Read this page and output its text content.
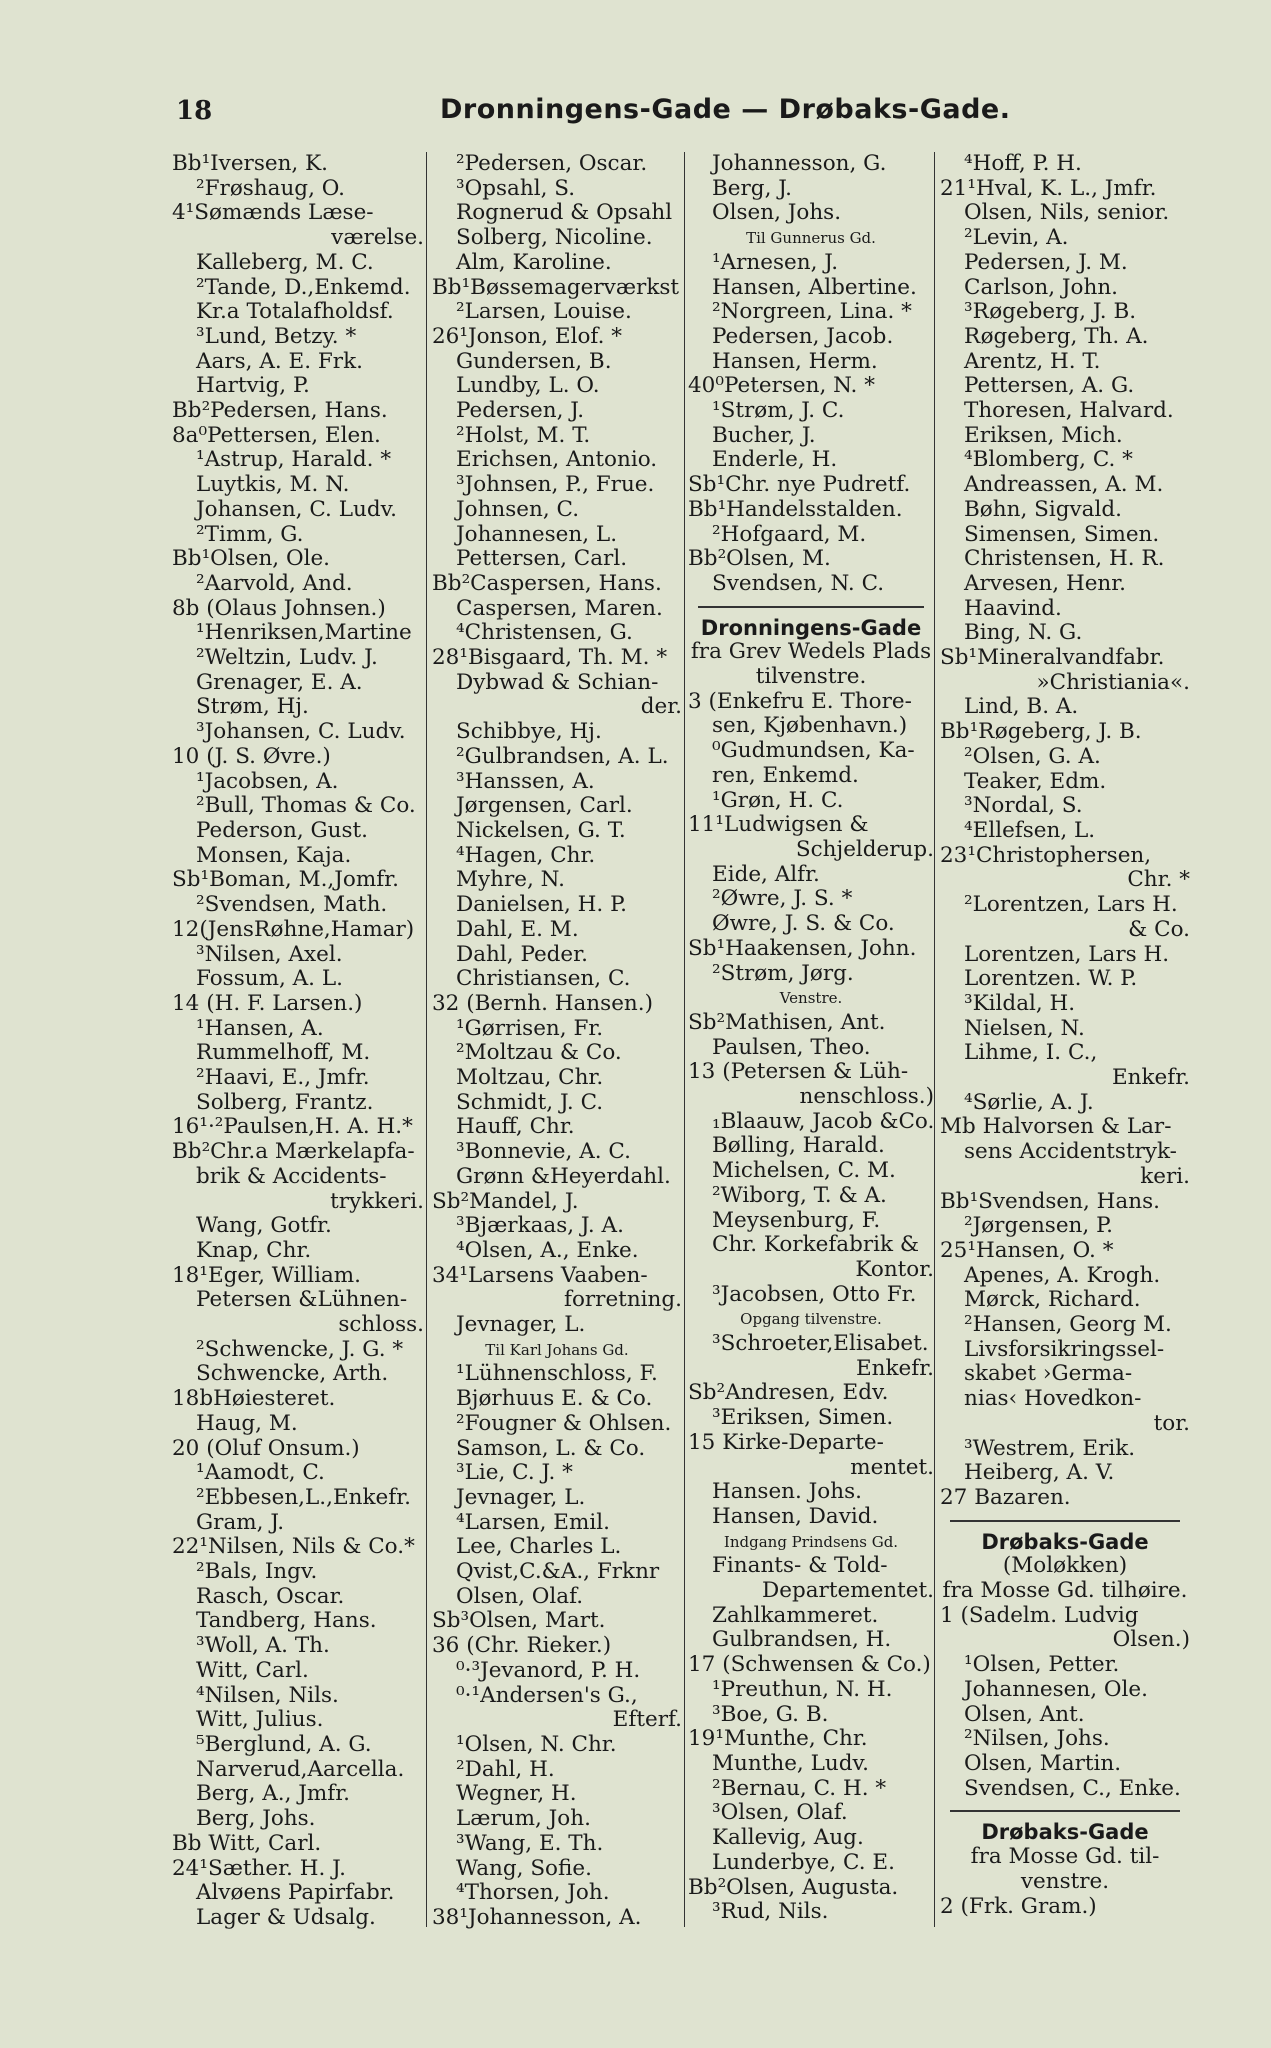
18	Dronningens-Gade — Drøbaks-Gade.
Bb¹Iversen, K.
²Frøshaug, O.
4¹Sømænds Læse-
værelse.
Kalleberg, M. C.
²Tande, D.,Enkemd.
Kr.a Totalafholdsf.
³Lund, Betzy. *
Aars, A. E. Frk.
Hartvig, P.
Bb²Pedersen, Hans.
8a⁰Pettersen, Elen.
¹Astrup, Harald. *
Luytkis, M. N.
Johansen, C. Ludv.
²Timm, G.
Bb¹Olsen, Ole.
²Aarvold, And.
8b (Olaus Johnsen.)
¹Henriksen,Martine
²Weltzin, Ludv. J.
Grenager, E. A.
Strøm, Hj.
³Johansen, C. Ludv.
10 (J. S. Øvre.)
¹Jacobsen, A.
²Bull, Thomas & Co.
Pederson, Gust.
Monsen, Kaja.
Sb¹Boman, M.,Jomfr.
²Svendsen, Math.
12(JensRøhne,Hamar)
³Nilsen, Axel.
Fossum, A. L.
14 (H. F. Larsen.)
¹Hansen, A.
Rummelhoff, M.
²Haavi, E., Jmfr.
Solberg, Frantz.
16¹·²Paulsen,H. A. H.*
Bb²Chr.a Mærkelapfa-
brik & Accidents-
trykkeri.
Wang, Gotfr.
Knap, Chr.
18¹Eger, William.
Petersen &Lühnen-
schloss.
²Schwencke, J. G. *
Schwencke, Arth.
18bHøiesteret.
Haug, M.
20 (Oluf Onsum.)
¹Aamodt, C.
²Ebbesen,L.,Enkefr.
Gram, J.
22¹Nilsen, Nils & Co.*
²Bals, Ingv.
Rasch, Oscar.
Tandberg, Hans.
³Woll, A. Th.
Witt, Carl.
⁴Nilsen, Nils.
Witt, Julius.
⁵Berglund, A. G.
Narverud,Aarcella.
Berg, A., Jmfr.
Berg, Johs.
Bb Witt, Carl.
24¹Sæther. H. J.
Alvøens Papirfabr.
Lager & Udsalg.
²Pedersen, Oscar.
³Opsahl, S.
Rognerud & Opsahl
Solberg, Nicoline.
Alm, Karoline.
Bb¹Bøssemagerværkst
²Larsen, Louise.
26¹Jonson, Elof. *
Gundersen, B.
Lundby, L. O.
Pedersen, J.
²Holst, M. T.
Erichsen, Antonio.
³Johnsen, P., Frue.
Johnsen, C.
Johannesen, L.
Pettersen, Carl.
Bb²Caspersen, Hans.
Caspersen, Maren.
⁴Christensen, G.
28¹Bisgaard, Th. M. *
Dybwad & Schian-
der.
Schibbye, Hj.
²Gulbrandsen, A. L.
³Hanssen, A.
Jørgensen, Carl.
Nickelsen, G. T.
⁴Hagen, Chr.
Myhre, N.
Danielsen, H. P.
Dahl, E. M.
Dahl, Peder.
Christiansen, C.
32 (Bernh. Hansen.)
¹Gørrisen, Fr.
²Moltzau & Co.
Moltzau, Chr.
Schmidt, J. C.
Hauff, Chr.
³Bonnevie, A. C.
Grønn &Heyerdahl.
Sb²Mandel, J.
³Bjærkaas, J. A.
⁴Olsen, A., Enke.
34¹Larsens Vaaben-
forretning.
Jevnager, L.
Til Karl Johans Gd.
¹Lühnenschloss, F.
Bjørhuus E. & Co.
²Fougner & Ohlsen.
Samson, L. & Co.
³Lie, C. J. *
Jevnager, L.
⁴Larsen, Emil.
Lee, Charles L.
Qvist,C.&A., Frknr
Olsen, Olaf.
Sb³Olsen, Mart.
36 (Chr. Rieker.)
⁰·³Jevanord, P. H.
⁰·¹Andersen's G.,
Efterf.
¹Olsen, N. Chr.
²Dahl, H.
Wegner, H.
Lærum, Joh.
³Wang, E. Th.
Wang, Sofie.
⁴Thorsen, Joh.
38¹Johannesson, A.
Johannesson, G.
Berg, J.
Olsen, Johs.
Til Gunnerus Gd.
¹Arnesen, J.
Hansen, Albertine.
²Norgreen, Lina. *
Pedersen, Jacob.
Hansen, Herm.
40⁰Petersen, N. *
¹Strøm, J. C.
Bucher, J.
Enderle, H.
Sb¹Chr. nye Pudretf.
Bb¹Handelsstalden.
²Hofgaard, M.
Bb²Olsen, M.
Svendsen, N. C.
Dronningens-Gade
fra Grev Wedels Plads
tilvenstre.
3 (Enkefru E. Thore-
sen, Kjøbenhavn.)
⁰Gudmundsen, Ka-
ren, Enkemd.
¹Grøn, H. C.
11¹Ludwigsen &
Schjelderup.
Eide, Alfr.
²Øwre, J. S. *
Øwre, J. S. & Co.
Sb¹Haakensen, John.
²Strøm, Jørg.
Venstre.
Sb²Mathisen, Ant.
Paulsen, Theo.
13 (Petersen & Lüh-
nenschloss.)
₁Blaauw, Jacob &Co.
Bølling, Harald.
Michelsen, C. M.
²Wiborg, T. & A.
Meysenburg, F.
Chr. Korkefabrik &
Kontor.
³Jacobsen, Otto Fr.
Opgang tilvenstre.
³Schroeter,Elisabet.
Enkefr.
Sb²Andresen, Edv.
³Eriksen, Simen.
15 Kirke-Departe-
mentet.
Hansen. Johs.
Hansen, David.
Indgang Prindsens Gd.
Finants- & Told-
Departementet.
Zahlkammeret.
Gulbrandsen, H.
17 (Schwensen & Co.)
¹Preuthun, N. H.
³Boe, G. B.
19¹Munthe, Chr.
Munthe, Ludv.
²Bernau, C. H. *
³Olsen, Olaf.
Kallevig, Aug.
Lunderbye, C. E.
Bb²Olsen, Augusta.
³Rud, Nils.
⁴Hoff, P. H.
21¹Hval, K. L., Jmfr.
Olsen, Nils, senior.
²Levin, A.
Pedersen, J. M.
Carlson, John.
³Røgeberg, J. B.
Røgeberg, Th. A.
Arentz, H. T.
Pettersen, A. G.
Thoresen, Halvard.
Eriksen, Mich.
⁴Blomberg, C. *
Andreassen, A. M.
Bøhn, Sigvald.
Simensen, Simen.
Christensen, H. R.
Arvesen, Henr.
Haavind.
Bing, N. G.
Sb¹Mineralvandfabr.
»Christiania«.
Lind, B. A.
Bb¹Røgeberg, J. B.
²Olsen, G. A.
Teaker, Edm.
³Nordal, S.
⁴Ellefsen, L.
23¹Christophersen,
Chr. *
²Lorentzen, Lars H.
& Co.
Lorentzen, Lars H.
Lorentzen. W. P.
³Kildal, H.
Nielsen, N.
Lihme, I. C.,
Enkefr.
⁴Sørlie, A. J.
Mb Halvorsen & Lar-
sens Accidentstryk-
keri.
Bb¹Svendsen, Hans.
²Jørgensen, P.
25¹Hansen, O. *
Apenes, A. Krogh.
Mørck, Richard.
²Hansen, Georg M.
Livsforsikringssel-
skabet ›Germa-
nias‹ Hovedkon-
tor.
³Westrem, Erik.
Heiberg, A. V.
27 Bazaren.
Drøbaks-Gade
(Moløkken)
fra Mosse Gd. tilhøire.
1 (Sadelm. Ludvig
Olsen.)
¹Olsen, Petter.
Johannesen, Ole.
Olsen, Ant.
²Nilsen, Johs.
Olsen, Martin.
Svendsen, C., Enke.
Drøbaks-Gade
fra Mosse Gd. til-
venstre.
2 (Frk. Gram.)
